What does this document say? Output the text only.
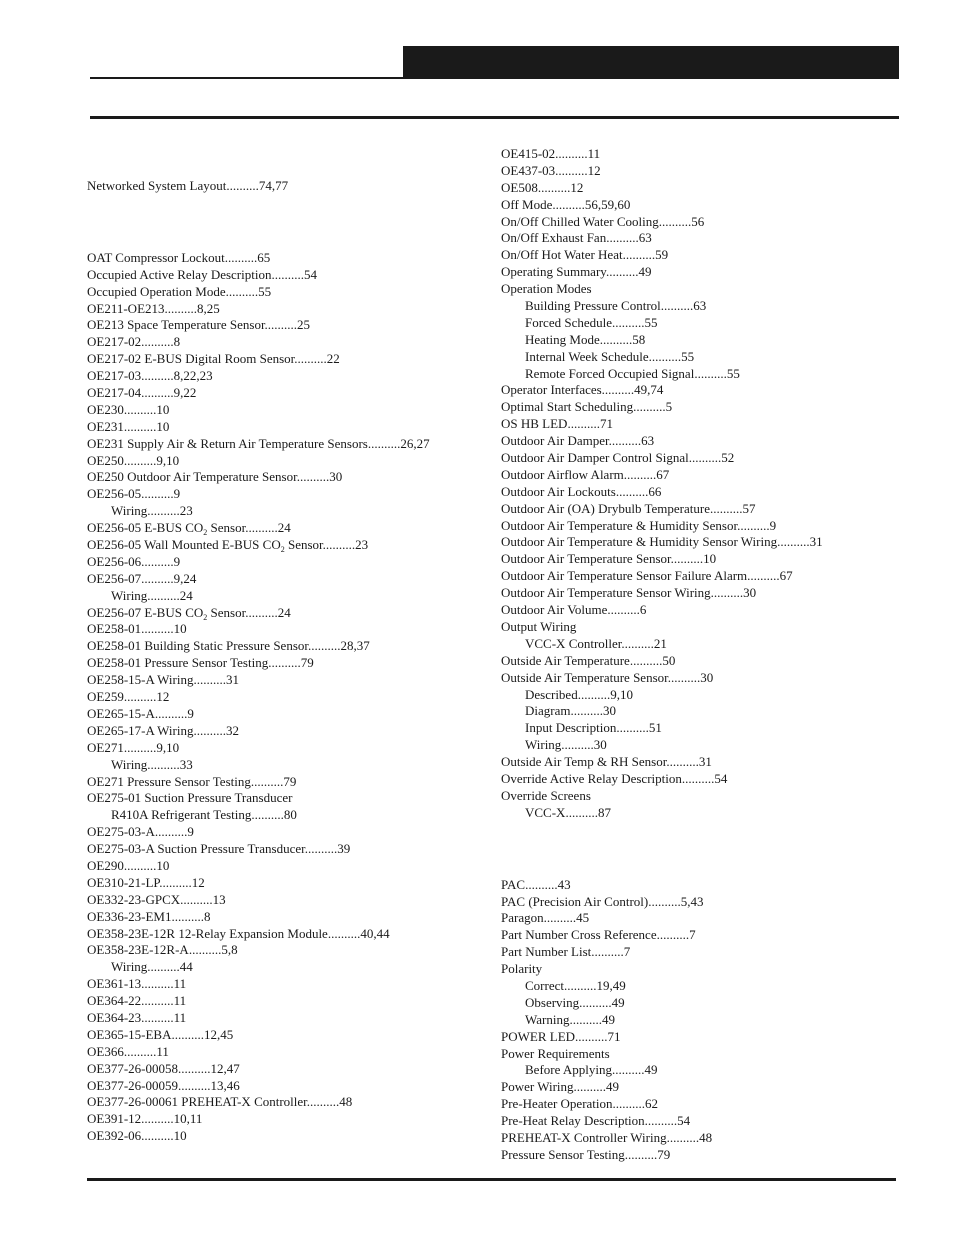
Networked System Layout..........74,77
OAT Compressor Lockout..........65
Occupied Active Relay Description..........54
Occupied Operation Mode..........55
OE211-OE213..........8,25
OE213 Space Temperature Sensor..........25
OE217-02..........8
OE217-02 E-BUS Digital Room Sensor..........22
OE217-03..........8,22,23
OE217-04..........9,22
OE230..........10
OE231..........10
OE231 Supply Air & Return Air Temperature Sensors..........26,27
OE250..........9,10
OE250 Outdoor Air Temperature Sensor..........30
OE256-05..........9
Wiring..........23
OE256-05 E-BUS $CO_2$ Sensor..........24
OE256-05 Wall Mounted E-BUS $CO_2$ Sensor..........23
OE256-06..........9
OE256-07..........9,24
Wiring..........24
OE256-07 E-BUS $CO_2$ Sensor..........24
OE258-01..........10
OE258-01 Building Static Pressure Sensor..........28,37
OE258-01 Pressure Sensor Testing..........79
OE258-15-A Wiring..........31
OE259..........12
OE265-15-A..........9
OE265-17-A Wiring..........32
OE271..........9,10
Wiring..........33
OE271 Pressure Sensor Testing..........79
OE275-01 Suction Pressure Transducer
R410A Refrigerant Testing..........80
OE275-03-A..........9
OE275-03-A Suction Pressure Transducer..........39
OE290..........10
OE310-21-LP..........12
OE332-23-GPCX..........13
OE336-23-EM1..........8
OE358-23E-12R 12-Relay Expansion Module..........40,44
OE358-23E-12R-A..........5,8
Wiring..........44
OE361-13..........11
OE364-22..........11
OE364-23..........11
OE365-15-EBA..........12,45
OE366..........11
OE377-26-00058..........12,47
OE377-26-00059..........13,46
OE377-26-00061 PREHEAT-X Controller..........48
OE391-12..........10,11
OE392-06..........10
OE415-02..........11
OE437-03..........12
OE508..........12
Off Mode..........56,59,60
On/Off Chilled Water Cooling..........56
On/Off Exhaust Fan..........63
On/Off Hot Water Heat..........59
Operating Summary..........49
Operation Modes
Building Pressure Control..........63
Forced Schedule..........55
Heating Mode..........58
Internal Week Schedule..........55
Remote Forced Occupied Signal..........55
Operator Interfaces..........49,74
Optimal Start Scheduling..........5
OS HB LED..........71
Outdoor Air Damper..........63
Outdoor Air Damper Control Signal..........52
Outdoor Airflow Alarm..........67
Outdoor Air Lockouts..........66
Outdoor Air (OA) Drybulb Temperature..........57
Outdoor Air Temperature & Humidity Sensor..........9
Outdoor Air Temperature & Humidity Sensor Wiring..........31
Outdoor Air Temperature Sensor..........10
Outdoor Air Temperature Sensor Failure Alarm..........67
Outdoor Air Temperature Sensor Wiring..........30
Outdoor Air Volume..........6
Output Wiring
VCC-X Controller..........21
Outside Air Temperature..........50
Outside Air Temperature Sensor..........30
Described..........9,10
Diagram..........30
Input Description..........51
Wiring..........30
Outside Air Temp & RH Sensor..........31
Override Active Relay Description..........54
Override Screens
VCC-X..........87
PAC..........43
PAC (Precision Air Control)..........5,43
Paragon..........45
Part Number Cross Reference..........7
Part Number List..........7
Polarity
Correct..........19,49
Observing..........49
Warning..........49
POWER LED..........71
Power Requirements
Before Applying..........49
Power Wiring..........49
Pre-Heater Operation..........62
Pre-Heat Relay Description..........54
PREHEAT-X Controller Wiring..........48
Pressure Sensor Testing..........79
